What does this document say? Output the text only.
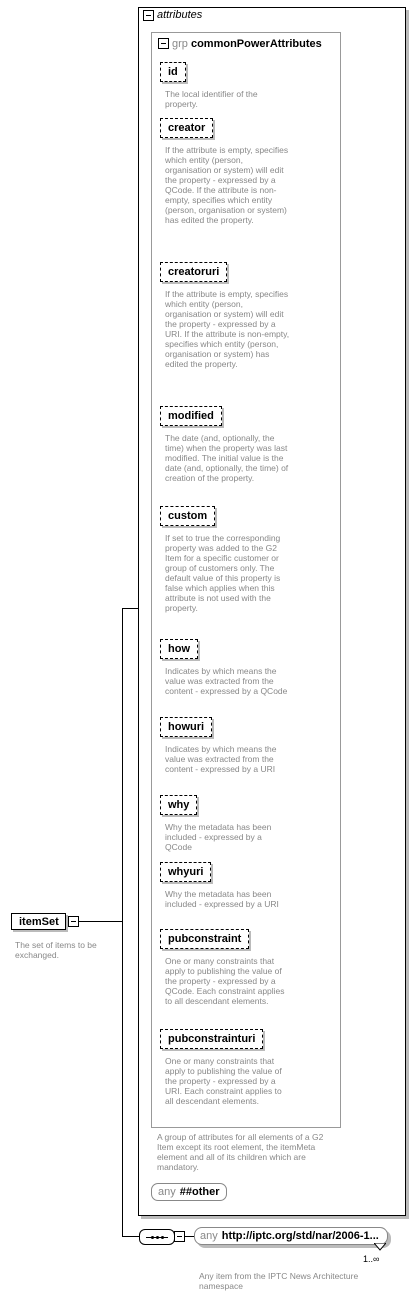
attributes
grp commonPowerAttributes
id
The local identifier of the property.
creator
If the attribute is empty, specifies which entity (person, organisation or system) will edit the property - expressed by a QCode. If the attribute is non-empty, specifies which entity (person, organisation or system) has edited the property.
creatoruri
If the attribute is empty, specifies which entity (person, organisation or system) will edit the property - expressed by a URI. If the attribute is non-empty, specifies which entity (person, organisation or system) has edited the property.
modified
The date (and, optionally, the time) when the property was last modified. The initial value is the date (and, optionally, the time) of creation of the property.
custom
If set to true the corresponding property was added to the G2 Item for a specific customer or group of customers only. The default value of this property is false which applies when this attribute is not used with the property.
how
Indicates by which means the value was extracted from the content - expressed by a QCode
howuri
Indicates by which means the value was extracted from the content - expressed by a URI
why
Why the metadata has been included - expressed by a QCode
whyuri
Why the metadata has been included - expressed by a URI
pubconstraint
One or many constraints that apply to publishing the value of the property - expressed by a QCode. Each constraint applies to all descendant elements.
pubconstrainturi
One or many constraints that apply to publishing the value of the property - expressed by a URI. Each constraint applies to all descendant elements.
A group of attributes for all elements of a G2 Item except its root element, the itemMeta element and all of its children which are mandatory.
any ##other
itemSet
The set of items to be exchanged.
any http://iptc.org/std/nar/2006-1...
1..∞
Any item from the IPTC News Architecture namespace
